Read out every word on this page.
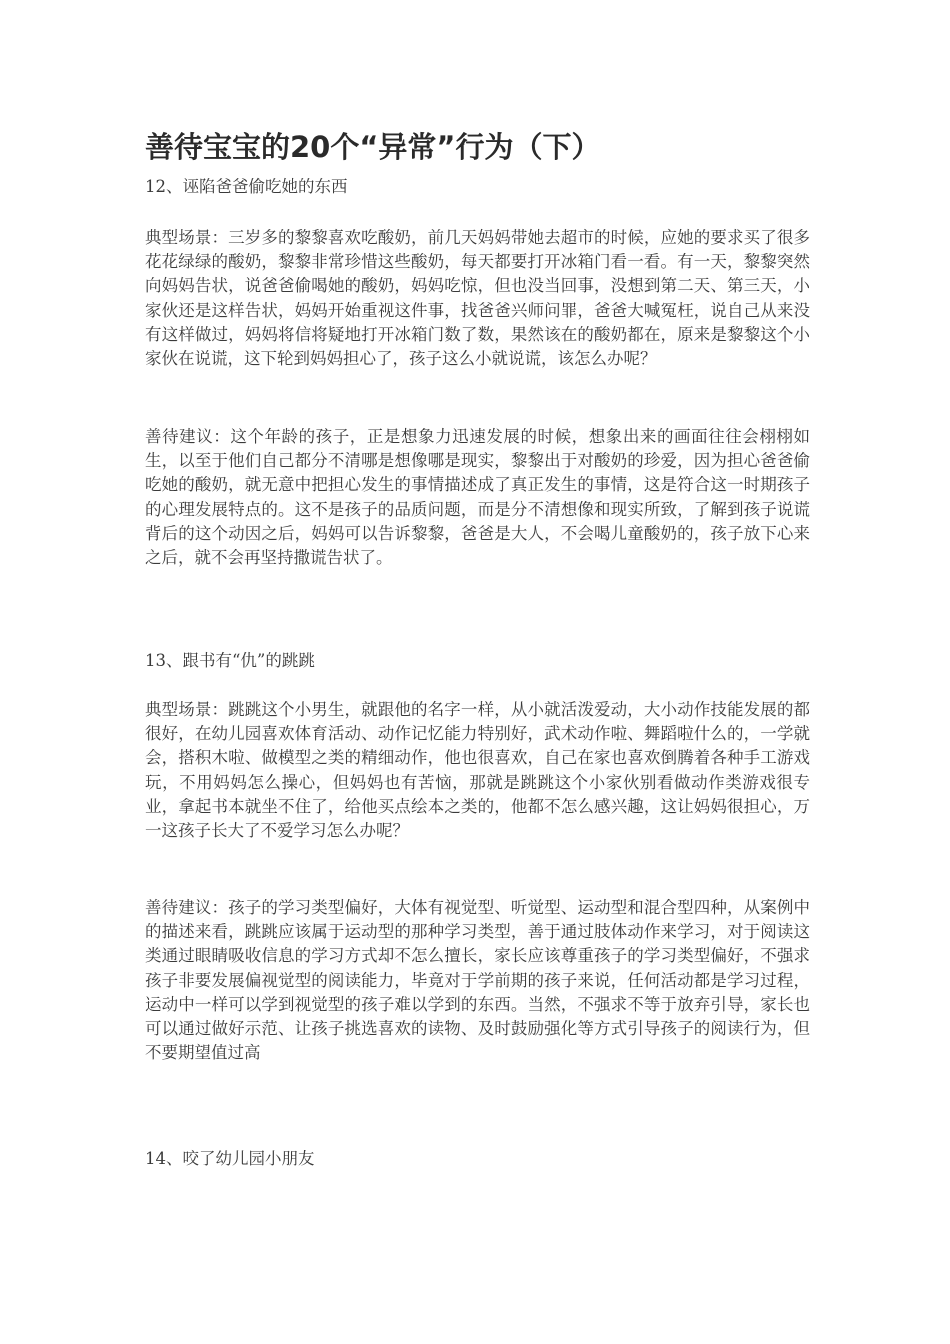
善待宝宝的20个“异常”行为（下）
12、诬陷爸爸偷吃她的东西
典型场景：三岁多的黎黎喜欢吃酸奶，前几天妈妈带她去超市的时候，应她的要求买了很多花花绿绿的酸奶，黎黎非常珍惜这些酸奶，每天都要打开冰箱门看一看。有一天，黎黎突然向妈妈告状，说爸爸偷喝她的酸奶，妈妈吃惊，但也没当回事，没想到第二天、第三天，小家伙还是这样告状，妈妈开始重视这件事，找爸爸兴师问罪，爸爸大喊冤枉，说自己从来没有这样做过，妈妈将信将疑地打开冰箱门数了数，果然该在的酸奶都在，原来是黎黎这个小家伙在说谎，这下轮到妈妈担心了，孩子这么小就说谎，该怎么办呢？
善待建议：这个年龄的孩子，正是想象力迅速发展的时候，想象出来的画面往往会栩栩如生，以至于他们自己都分不清哪是想像哪是现实，黎黎出于对酸奶的珍爱，因为担心爸爸偷吃她的酸奶，就无意中把担心发生的事情描述成了真正发生的事情，这是符合这一时期孩子的心理发展特点的。这不是孩子的品质问题，而是分不清想像和现实所致，了解到孩子说谎背后的这个动因之后，妈妈可以告诉黎黎，爸爸是大人，不会喝儿童酸奶的，孩子放下心来之后，就不会再坚持撒谎告状了。
13、跟书有“仇”的跳跳
典型场景：跳跳这个小男生，就跟他的名字一样，从小就活泼爱动，大小动作技能发展的都很好，在幼儿园喜欢体育活动、动作记忆能力特别好，武术动作啦、舞蹈啦什么的，一学就会，搭积木啦、做模型之类的精细动作，他也很喜欢，自己在家也喜欢倒腾着各种手工游戏玩，不用妈妈怎么操心，但妈妈也有苦恼，那就是跳跳这个小家伙别看做动作类游戏很专业，拿起书本就坐不住了，给他买点绘本之类的，他都不怎么感兴趣，这让妈妈很担心，万一这孩子长大了不爱学习怎么办呢？
善待建议：孩子的学习类型偏好，大体有视觉型、听觉型、运动型和混合型四种，从案例中的描述来看，跳跳应该属于运动型的那种学习类型，善于通过肢体动作来学习，对于阅读这类通过眼睛吸收信息的学习方式却不怎么擅长，家长应该尊重孩子的学习类型偏好，不强求孩子非要发展偏视觉型的阅读能力，毕竟对于学前期的孩子来说，任何活动都是学习过程，运动中一样可以学到视觉型的孩子难以学到的东西。当然，不强求不等于放弃引导，家长也可以通过做好示范、让孩子挑选喜欢的读物、及时鼓励强化等方式引导孩子的阅读行为，但不要期望值过高
14、咬了幼儿园小朋友
